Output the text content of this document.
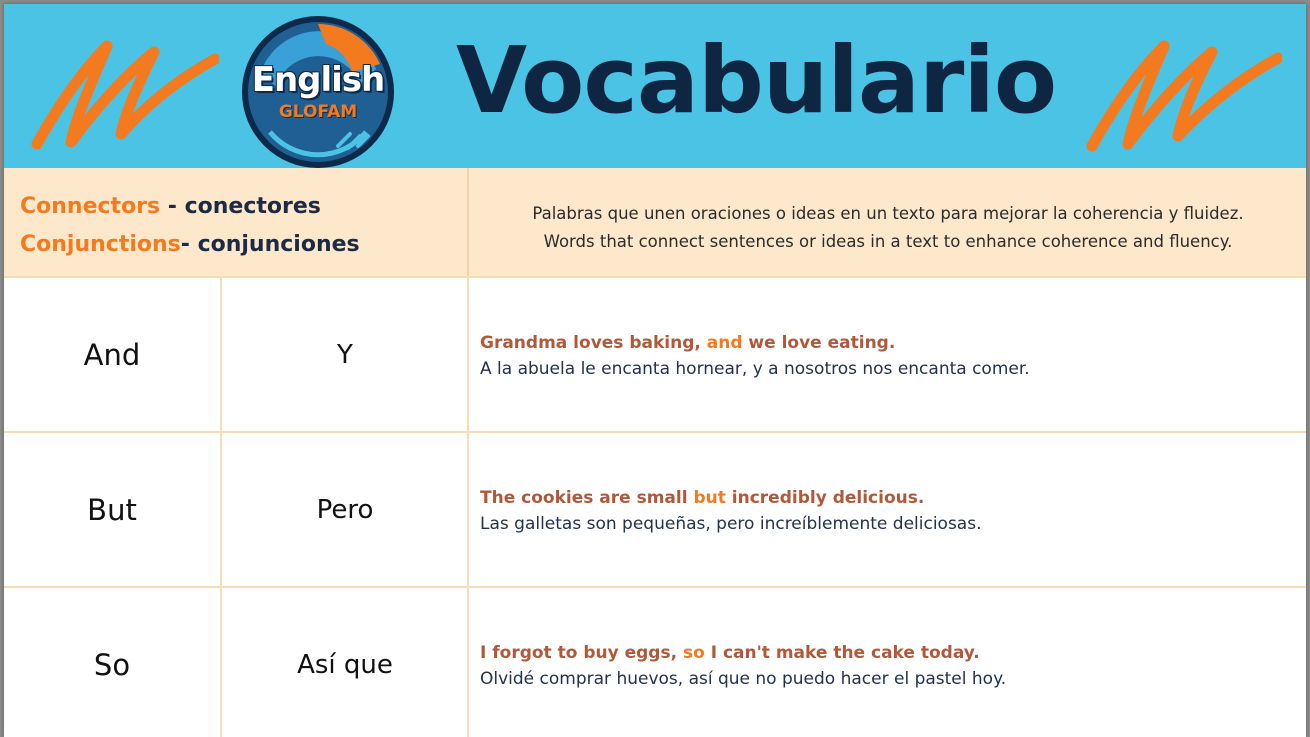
English
GLOFAM	Vocabulario
Connectors - conectores
Conjunctions- conjunciones
Palabras que unen oraciones o ideas en un texto para mejorar la coherencia y fluidez.
Words that connect sentences or ideas in a text to enhance coherence and fluency.
And	Y	Grandma loves baking, and we love eating.
A la abuela le encanta hornear, y a nosotros nos encanta comer.
But	Pero	The cookies are small but incredibly delicious.
Las galletas son pequeñas, pero increíblemente deliciosas.
So	Así que	I forgot to buy eggs, so I can't make the cake today.
Olvidé comprar huevos, así que no puedo hacer el pastel hoy.
